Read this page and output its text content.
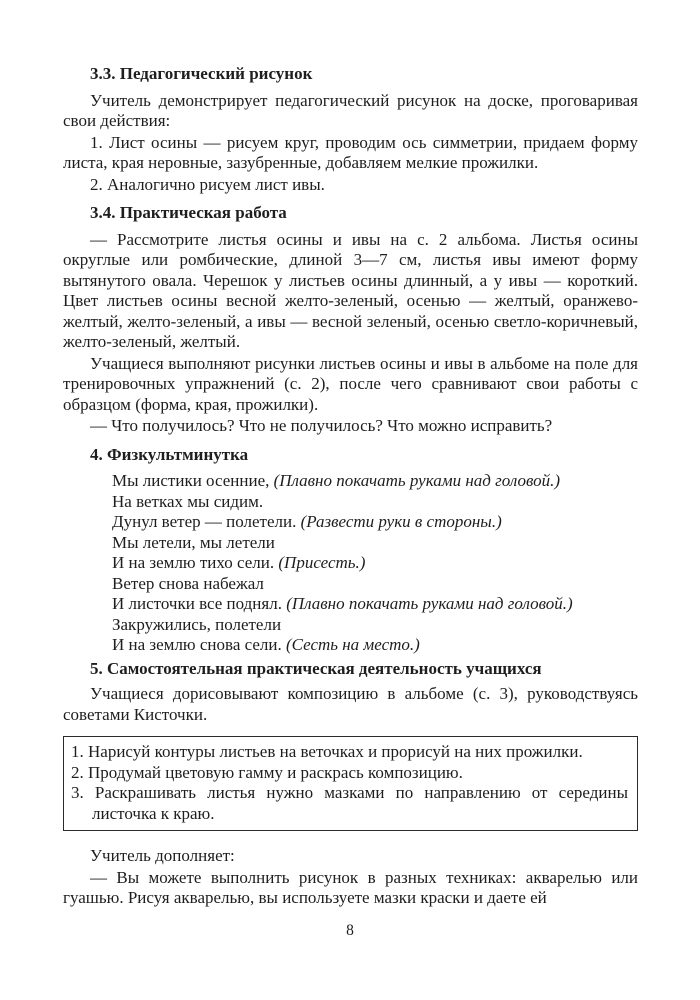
3.3. Педагогический рисунок

Учитель демонстрирует педагогический рисунок на доске, проговаривая свои действия:

1. Лист осины — рисуем круг, проводим ось симметрии, придаем форму листа, края неровные, зазубренные, добавляем мелкие прожилки.

2. Аналогично рисуем лист ивы.

3.4. Практическая работа

— Рассмотрите листья осины и ивы на с. 2 альбома. Листья осины округлые или ромбические, длиной 3—7 см, листья ивы имеют форму вытянутого овала. Черешок у листьев осины длинный, а у ивы — короткий. Цвет листьев осины весной желто-зеленый, осенью — желтый, оранжево-желтый, желто-зеленый, а ивы — весной зеленый, осенью светло-коричневый, желто-зеленый, желтый.

Учащиеся выполняют рисунки листьев осины и ивы в альбоме на поле для тренировочных упражнений (с. 2), после чего сравнивают свои работы с образцом (форма, края, прожилки).

— Что получилось? Что не получилось? Что можно исправить?

4. Физкультминутка
Мы листики осенние, (Плавно покачать руками над головой.)
На ветках мы сидим.
Дунул ветер — полетели. (Развести руки в стороны.)
Мы летели, мы летели
И на землю тихо сели. (Присесть.)
Ветер снова набежал
И листочки все поднял. (Плавно покачать руками над головой.)
Закружились, полетели
И на землю снова сели. (Сесть на место.)
5. Самостоятельная практическая деятельность учащихся

Учащиеся дорисовывают композицию в альбоме (с. 3), руководствуясь советами Кисточки.

1. Нарисуй контуры листьев на веточках и прорисуй на них прожилки.

2. Продумай цветовую гамму и раскрась композицию.

3. Раскрашивать листья нужно мазками по направлению от середины листочка к краю.

Учитель дополняет:

— Вы можете выполнить рисунок в разных техниках: акварелью или гуашью. Рисуя акварелью, вы используете мазки краски и даете ей

8
